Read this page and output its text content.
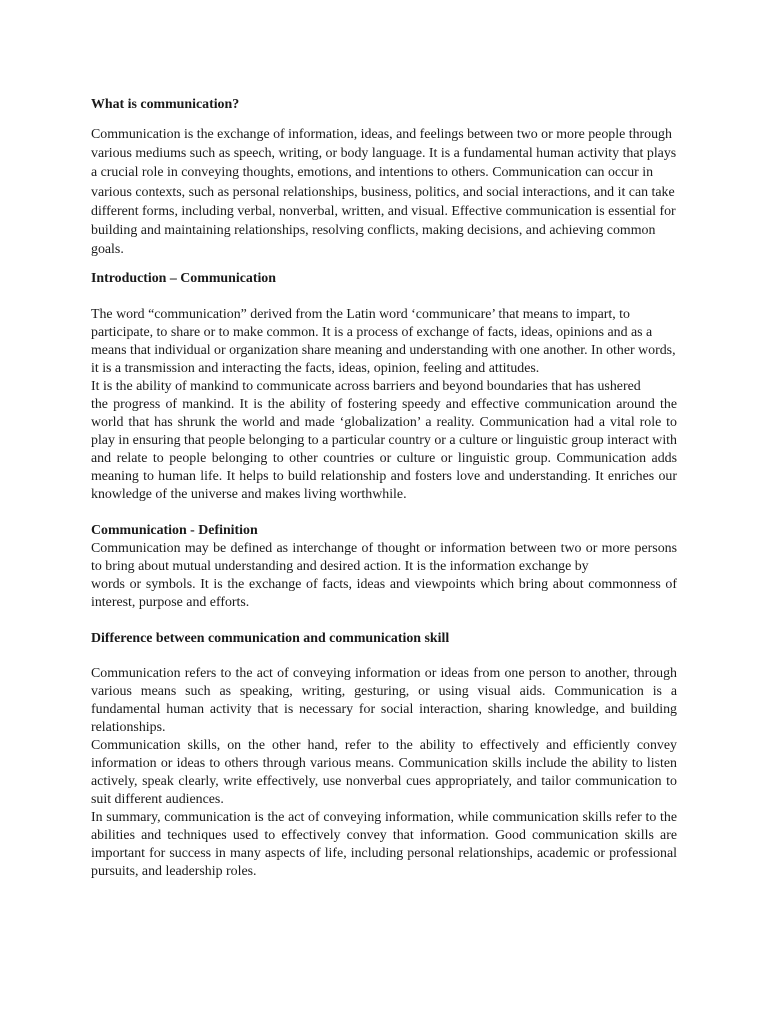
What is communication?

Communication is the exchange of information, ideas, and feelings between two or more people through various mediums such as speech, writing, or body language. It is a fundamental human activity that plays a crucial role in conveying thoughts, emotions, and intentions to others. Communication can occur in various contexts, such as personal relationships, business, politics, and social interactions, and it can take different forms, including verbal, nonverbal, written, and visual. Effective communication is essential for building and maintaining relationships, resolving conflicts, making decisions, and achieving common goals.

Introduction – Communication

The word “communication” derived from the Latin word ‘communicare’ that means to impart, to participate, to share or to make common. It is a process of exchange of facts, ideas, opinions and as a means that individual or organization share meaning and understanding with one another. In other words, it is a transmission and interacting the facts, ideas, opinion, feeling and attitudes.

It is the ability of mankind to communicate across barriers and beyond boundaries that has ushered

the progress of mankind. It is the ability of fostering speedy and effective communication around the world that has shrunk the world and made ‘globalization’ a reality. Communication had a vital role to play in ensuring that people belonging to a particular country or a culture or linguistic group interact with and relate to people belonging to other countries or culture or linguistic group. Communication adds meaning to human life. It helps to build relationship and fosters love and understanding. It enriches our knowledge of the universe and makes living worthwhile.

Communication - Definition

Communication may be defined as interchange of thought or information between two or more persons to bring about mutual understanding and desired action. It is the information exchange by

words or symbols. It is the exchange of facts, ideas and viewpoints which bring about commonness of interest, purpose and efforts.

Difference between communication and communication skill

Communication refers to the act of conveying information or ideas from one person to another, through various means such as speaking, writing, gesturing, or using visual aids. Communication is a fundamental human activity that is necessary for social interaction, sharing knowledge, and building relationships.

Communication skills, on the other hand, refer to the ability to effectively and efficiently convey information or ideas to others through various means. Communication skills include the ability to listen actively, speak clearly, write effectively, use nonverbal cues appropriately, and tailor communication to suit different audiences.

In summary, communication is the act of conveying information, while communication skills refer to the abilities and techniques used to effectively convey that information. Good communication skills are important for success in many aspects of life, including personal relationships, academic or professional pursuits, and leadership roles.
